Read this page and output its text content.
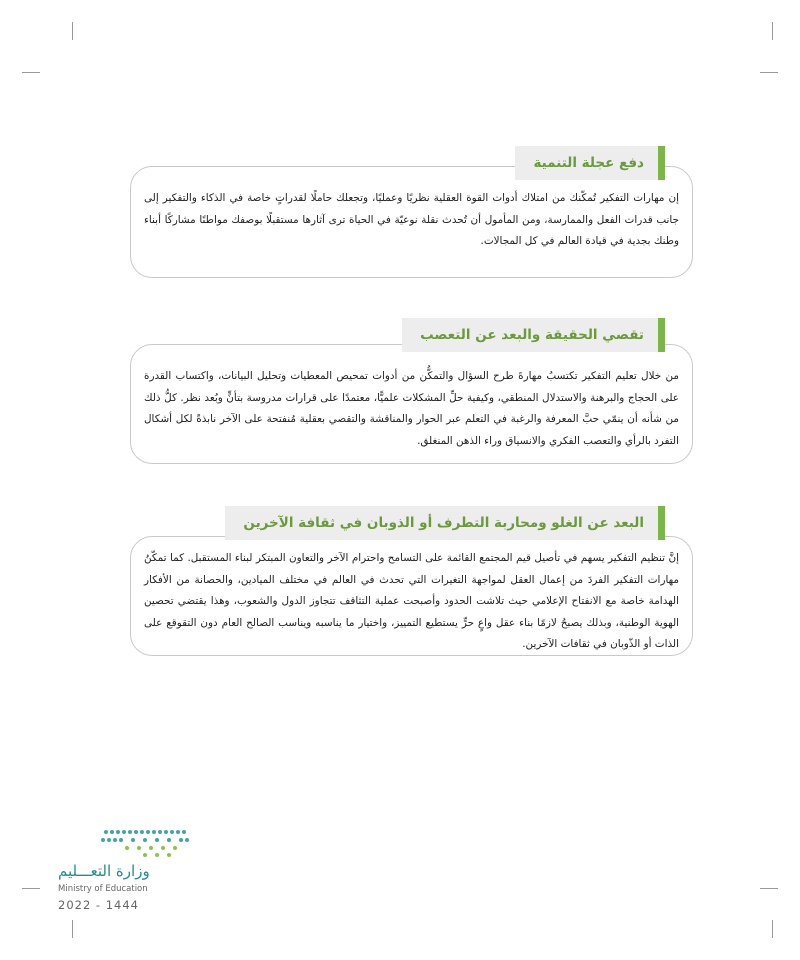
دفع عجلة التنمية
إن مهارات التفكير تُمكّنك من امتلاك أدوات القوة العقلية نظريًا وعمليًا، وتجعلك حاملًا لقدراتٍ خاصة في الذكاء والتفكير إلى جانب قدرات الفعل والممارسة، ومن المأمول أن تُحدث نقلة نوعيّة في الحياة ترى آثارها مستقبلًا بوصفك مواطنًا مشاركًا أبناء وطنك بجدية في قيادة العالم في كل المجالات.
تقصي الحقيقة والبعد عن التعصب
من خلال تعليم التفكير تكتسبُ مهارةَ طرح السؤال والتمكُّن من أدوات تمحيص المعطيات وتحليل البيانات، واكتساب القدرة على الحجاج والبرهنة والاستدلال المنطقي، وكيفية حلِّ المشكلات علميًّا، معتمدًا على قرارات مدروسة بتأنٍّ وبُعد نظر. كلُّ ذلك من شأنه أن ينمّي حبَّ المعرفة والرغبة في التعلم عبر الحوار والمناقشة والتقصي بعقلية مُنفتحة على الآخر نابذةً لكل أشكال التفرد بالرأي والتعصب الفكري والانسياق وراء الذهن المنغلق.
البعد عن الغلو ومحاربة التطرف أو الذوبان في ثقافة الآخرين
إنَّ تنظيم التفكير يسهم في تأصيل قيم المجتمع القائمة على التسامح واحترام الآخر والتعاون المبتكر لبناء المستقبل. كما تمكّنُ مهارات التفكير الفردَ من إعمال العقل لمواجهة التغيرات التي تحدث في العالم في مختلف الميادين، والحصانة من الأفكار الهدامة خاصة مع الانفتاح الإعلامي حيث تلاشت الحدود وأصبحت عملية التثاقف تتجاوز الدول والشعوب، وهذا يقتضي تحصين الهوية الوطنية، وبذلك يصبحُ لازمًا بناء عقل واعٍ حرٍّ يستطيع التمييز، واختيار ما يناسبه ويناسب الصالح العام دون التقوقع على الذات أو الذّوبان في ثقافات الآخرين.
وزارة التعـــليم
Ministry of Education
2022 - 1444
